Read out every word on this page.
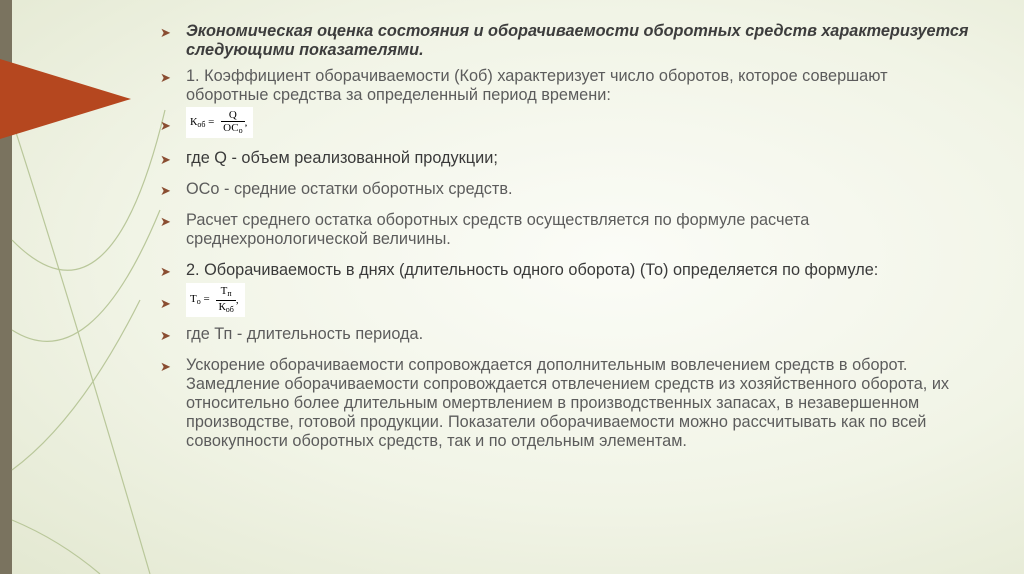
➤ Экономическая оценка состояния и оборачиваемости оборотных средств характеризуется следующими показателями.
➤ 1. Коэффициент оборачиваемости (Коб) характеризует число оборотов, которое совершают оборотные средства за определенный период времени:
➤ $К_{об} = \frac{Q}{ОС_о}$ ,
➤ где Q - объем реализованной продукции;
➤ ОСо - средние остатки оборотных средств.
➤ Расчет среднего остатка оборотных средств осуществляется по формуле расчета среднехронологической величины.
➤ 2. Оборачиваемость в днях (длительность одного оборота) (То) определяется по формуле:
➤ $Т_о = \frac{Т_п}{К_{об}}$ ,
➤ где Тп - длительность периода.
➤ Ускорение оборачиваемости сопровождается дополнительным вовлечением средств в оборот. Замедление оборачиваемости сопровождается отвлечением средств из хозяйственного оборота, их относительно более длительным омертвлением в производственных запасах, в незавершенном производстве, готовой продукции. Показатели оборачиваемости можно рассчитывать как по всей совокупности оборотных средств, так и по отдельным элементам.
